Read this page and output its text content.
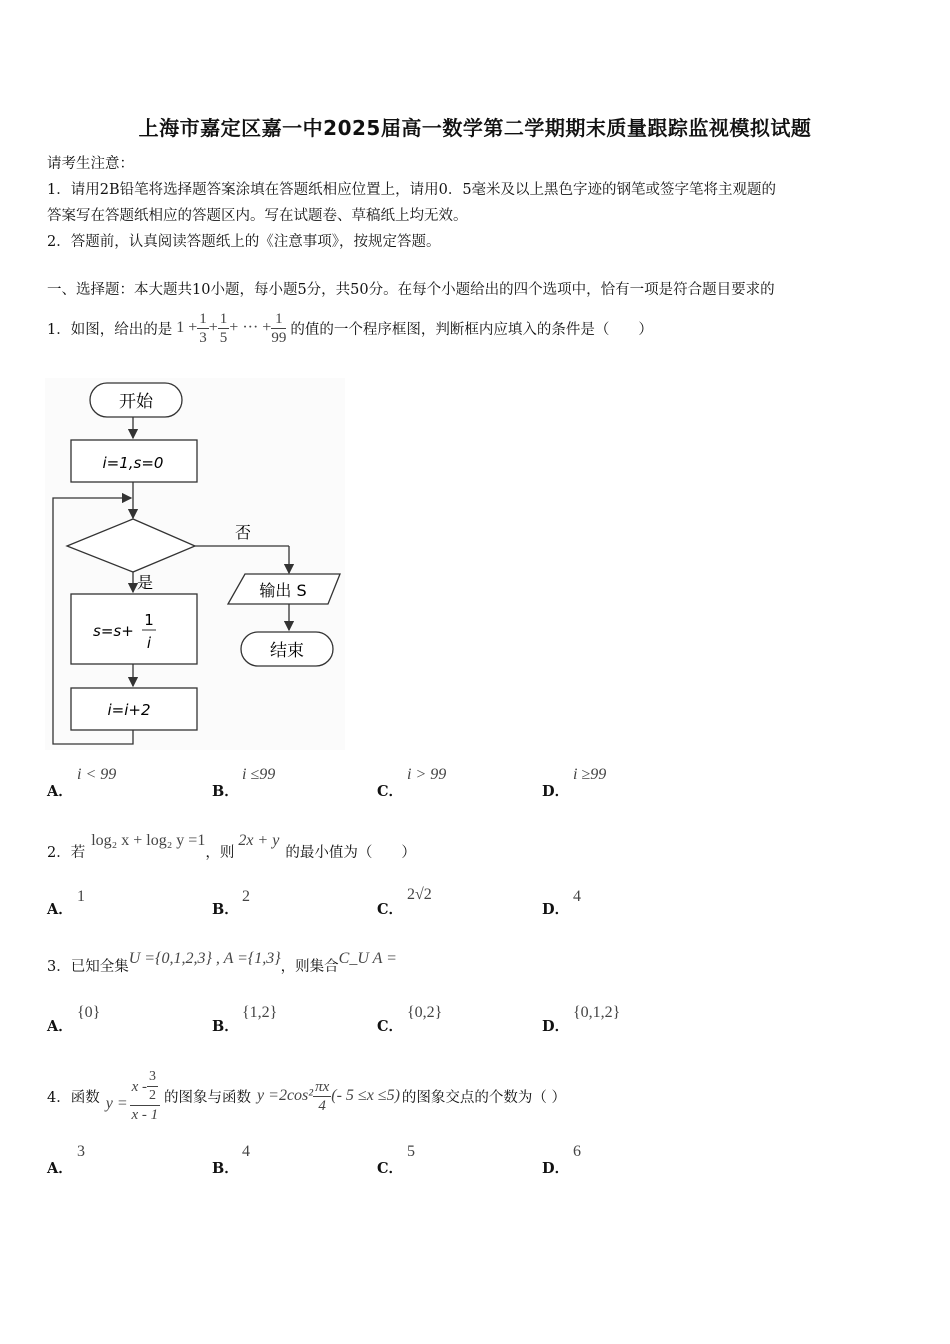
上海市嘉定区嘉一中2025届高一数学第二学期期末质量跟踪监视模拟试题
请考生注意：
1．请用2B铅笔将选择题答案涂填在答题纸相应位置上，请用0．5毫米及以上黑色字迹的钢笔或签字笔将主观题的
答案写在答题纸相应的答题区内。写在试题卷、草稿纸上均无效。
2．答题前，认真阅读答题纸上的《注意事项》，按规定答题。
一、选择题：本大题共10小题，每小题5分，共50分。在每个小题给出的四个选项中，恰有一项是符合题目要求的
1． 如图，给出的是 $1 + \frac{1}{3} + \frac{1}{5}$ + ··· + $\frac{1}{99}$ 的值的一个程序框图，判断框内应填入的条件是（　　）
开始
i=1,s=0
否
输出 S
结束
是
s=s+
1
i
i=i+2
A．
i < 99
B．
i ≤99
C．
i > 99
D．
i ≥99
2． 若
log₂ x + log₂ y =1
，则
2x + y
的最小值为（　　）
A．
1
B．
2
C．
2√2
D．
4
3． 已知全集 U ={0,1,2,3} , A ={1,3} ，则集合 C_U A =
A．
{0}
B．
{1,2}
C．
{0,2}
D．
{0,1,2}
4． 函数 $y = \frac{x - \frac{3}{2}}{x - 1}$ 的图象与函数 $y =2\cos^2 \frac{\pi x}{4}$ (- 5 ≤x ≤5) 的图象交点的个数为（ ）
A．
3
B．
4
C．
5
D．
6
